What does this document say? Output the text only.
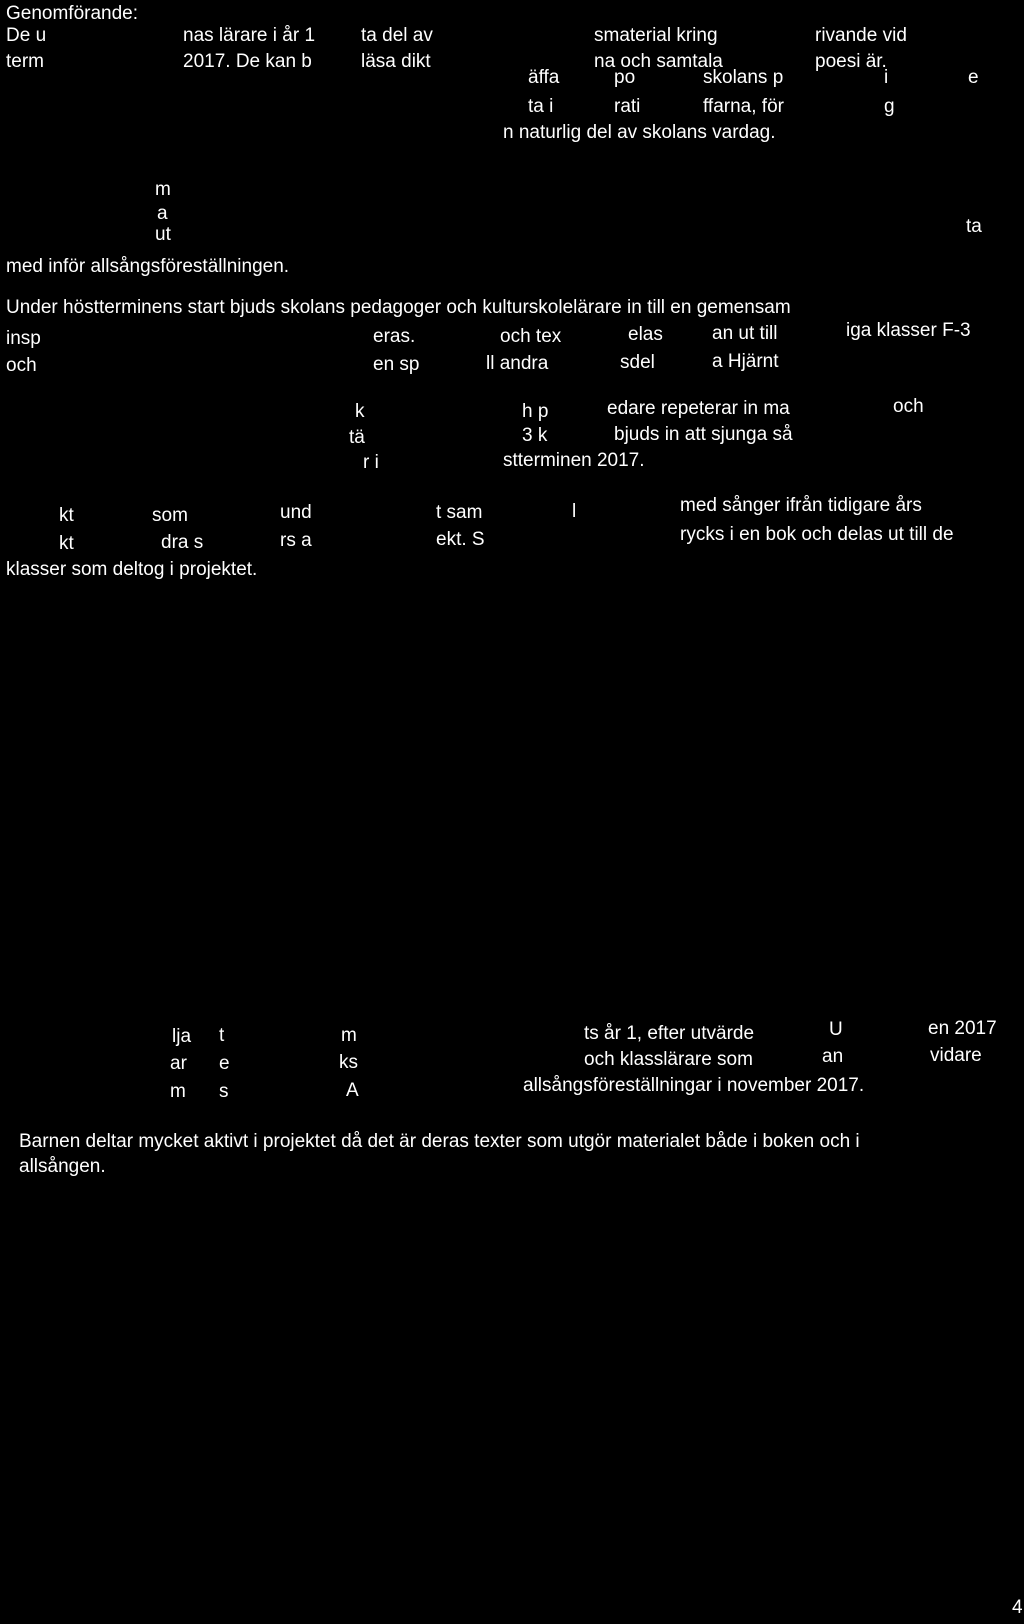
Genomförande:
De u	nas lärare i år 1 ta del av	smaterial kring	rivande vid
term	2017. De kan b	läsa dikt	na och samtala	poesi är.
äffa	po	skolans p	i	e
ta i	rati	ffarna, för	g
n naturlig del av skolans vardag.
m
a
ut	ta
med inför allsångsföreställningen.
Under höstterminens start bjuds skolans pedagoger och kulturskolelärare in till en gemensam
insp	eras.	och tex	elas	an ut till	iga klasser F-3
och	en sp	ll andra	sdel	a Hjärnt
k	h p	edare repeterar in ma	och
tä	3 k	bjuds in att sjunga så
r i	stterminen 2017.
kt	som	und	t sam	l	med sånger ifrån tidigare års
kt	dra s	rs a	ekt. S	rycks i en bok och delas ut till de
klasser som deltog i projektet.
lja t	m	ts år 1, efter utvärde	U	en 2017
ar e	ks	och klasslärare som	an	vidare
m s	A	allsångsföreställningar i november 2017.
Barnen deltar mycket aktivt i projektet då det är deras texter som utgör materialet både i boken och i
allsången.
4
